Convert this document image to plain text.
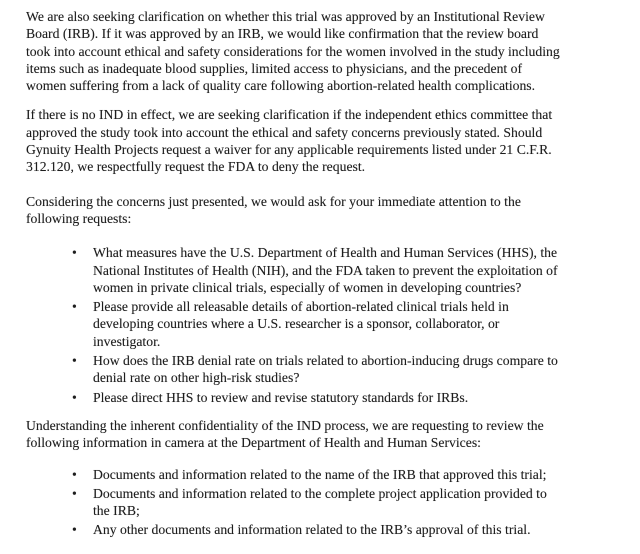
We are also seeking clarification on whether this trial was approved by an Institutional Review
Board (IRB). If it was approved by an IRB, we would like confirmation that the review board
took into account ethical and safety considerations for the women involved in the study including
items such as inadequate blood supplies, limited access to physicians, and the precedent of
women suffering from a lack of quality care following abortion-related health complications.
If there is no IND in effect, we are seeking clarification if the independent ethics committee that
approved the study took into account the ethical and safety concerns previously stated. Should
Gynuity Health Projects request a waiver for any applicable requirements listed under 21 C.F.R.
312.120, we respectfully request the FDA to deny the request.
Considering the concerns just presented, we would ask for your immediate attention to the
following requests:
•	What measures have the U.S. Department of Health and Human Services (HHS), the
National Institutes of Health (NIH), and the FDA taken to prevent the exploitation of
women in private clinical trials, especially of women in developing countries?
•	Please provide all releasable details of abortion-related clinical trials held in
developing countries where a U.S. researcher is a sponsor, collaborator, or
investigator.
•	How does the IRB denial rate on trials related to abortion-inducing drugs compare to
denial rate on other high-risk studies?
•	Please direct HHS to review and revise statutory standards for IRBs.
Understanding the inherent confidentiality of the IND process, we are requesting to review the
following information in camera at the Department of Health and Human Services:
•	Documents and information related to the name of the IRB that approved this trial;
•	Documents and information related to the complete project application provided to
the IRB;
•	Any other documents and information related to the IRB’s approval of this trial.
